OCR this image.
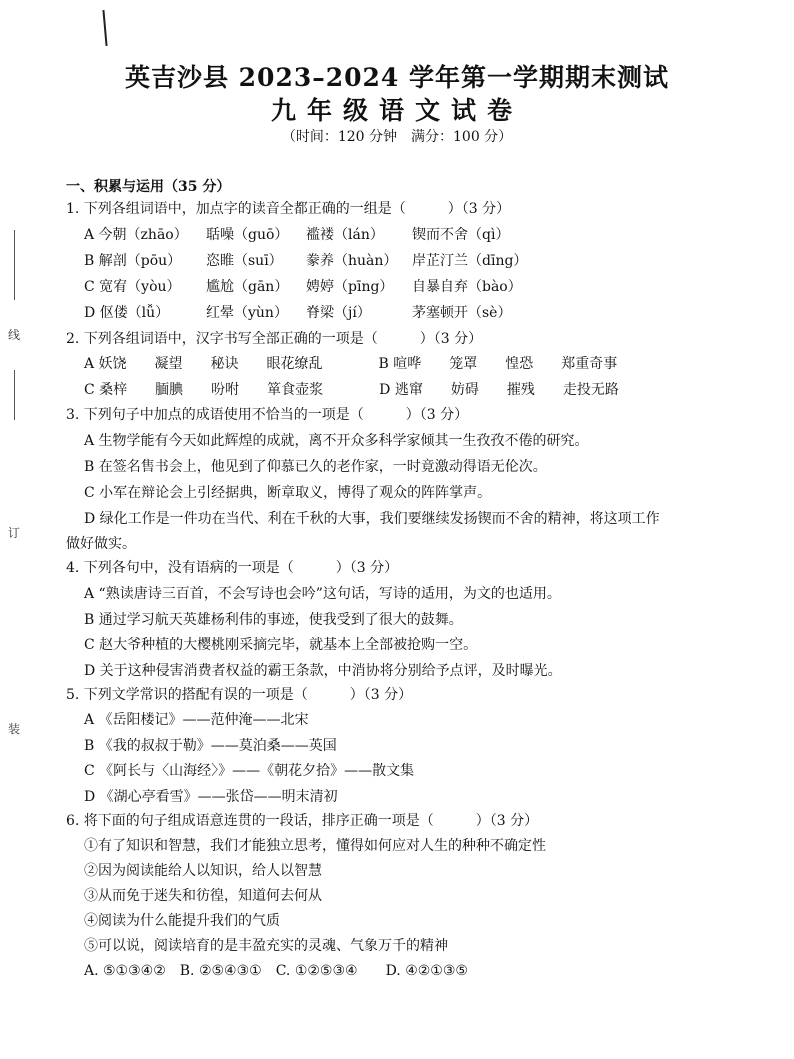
线
订
装
英吉沙县 2023–2024 学年第一学期期末测试
九年级语文试卷
（时间：120 分钟　满分：100 分）
一、积累与运用（35 分）
1. 下列各组词语中，加点字的读音全都正确的一组是（　　　）（3 分）
A 今朝（zhāo） 聒噪（guō） 褴褛（lán） 锲而不舍（qì）
B 解剖（pōu） 恣睢（suī） 豢养（huàn） 岸芷汀兰（dīng）
C 宽宥（yòu） 尴尬（gān） 娉婷（pīng） 自暴自弃（bào）
D 伛偻（lǚ）	红晕（yùn） 脊梁（jí）	茅塞顿开（sè）
2. 下列各组词语中，汉字书写全部正确的一项是（　　　）（3 分）
A 妖饶　　凝望　　秘诀　　眼花缭乱　　　　B 喧哗　　笼罩　　惶恐　　郑重奇事
C 桑梓　　腼腆　　吩咐　　箪食壶浆　　　　D 逃窜　　妨碍　　摧残　　走投无路
3. 下列句子中加点的成语使用不恰当的一项是（　　　）（3 分）
A 生物学能有今天如此辉煌的成就，离不开众多科学家倾其一生孜孜不倦的研究。
B 在签名售书会上，他见到了仰慕已久的老作家，一时竟激动得语无伦次。
C 小军在辩论会上引经据典，断章取义，博得了观众的阵阵掌声。
D 绿化工作是一件功在当代、利在千秋的大事，我们要继续发扬锲而不舍的精神，将这项工作
做好做实。
4. 下列各句中，没有语病的一项是（　　　）（3 分）
A “熟读唐诗三百首，不会写诗也会吟”这句话，写诗的适用，为文的也适用。
B 通过学习航天英雄杨利伟的事迹，使我受到了很大的鼓舞。
C 赵大爷种植的大樱桃刚采摘完毕，就基本上全部被抢购一空。
D 关于这种侵害消费者权益的霸王条款，中消协将分别给予点评，及时曝光。
5. 下列文学常识的搭配有误的一项是（　　　）（3 分）
A 《岳阳楼记》——范仲淹——北宋
B 《我的叔叔于勒》——莫泊桑——英国
C 《阿长与〈山海经〉》——《朝花夕拾》——散文集
D 《湖心亭看雪》——张岱——明末清初
6. 将下面的句子组成语意连贯的一段话，排序正确一项是（　　　）（3 分）
①有了知识和智慧，我们才能独立思考，懂得如何应对人生的种种不确定性
②因为阅读能给人以知识，给人以智慧
③从而免于迷失和彷徨，知道何去何从
④阅读为什么能提升我们的气质
⑤可以说，阅读培育的是丰盈充实的灵魂、气象万千的精神
A. ⑤①③④②　B. ②⑤④③①　C. ①②⑤③④　　D. ④②①③⑤
